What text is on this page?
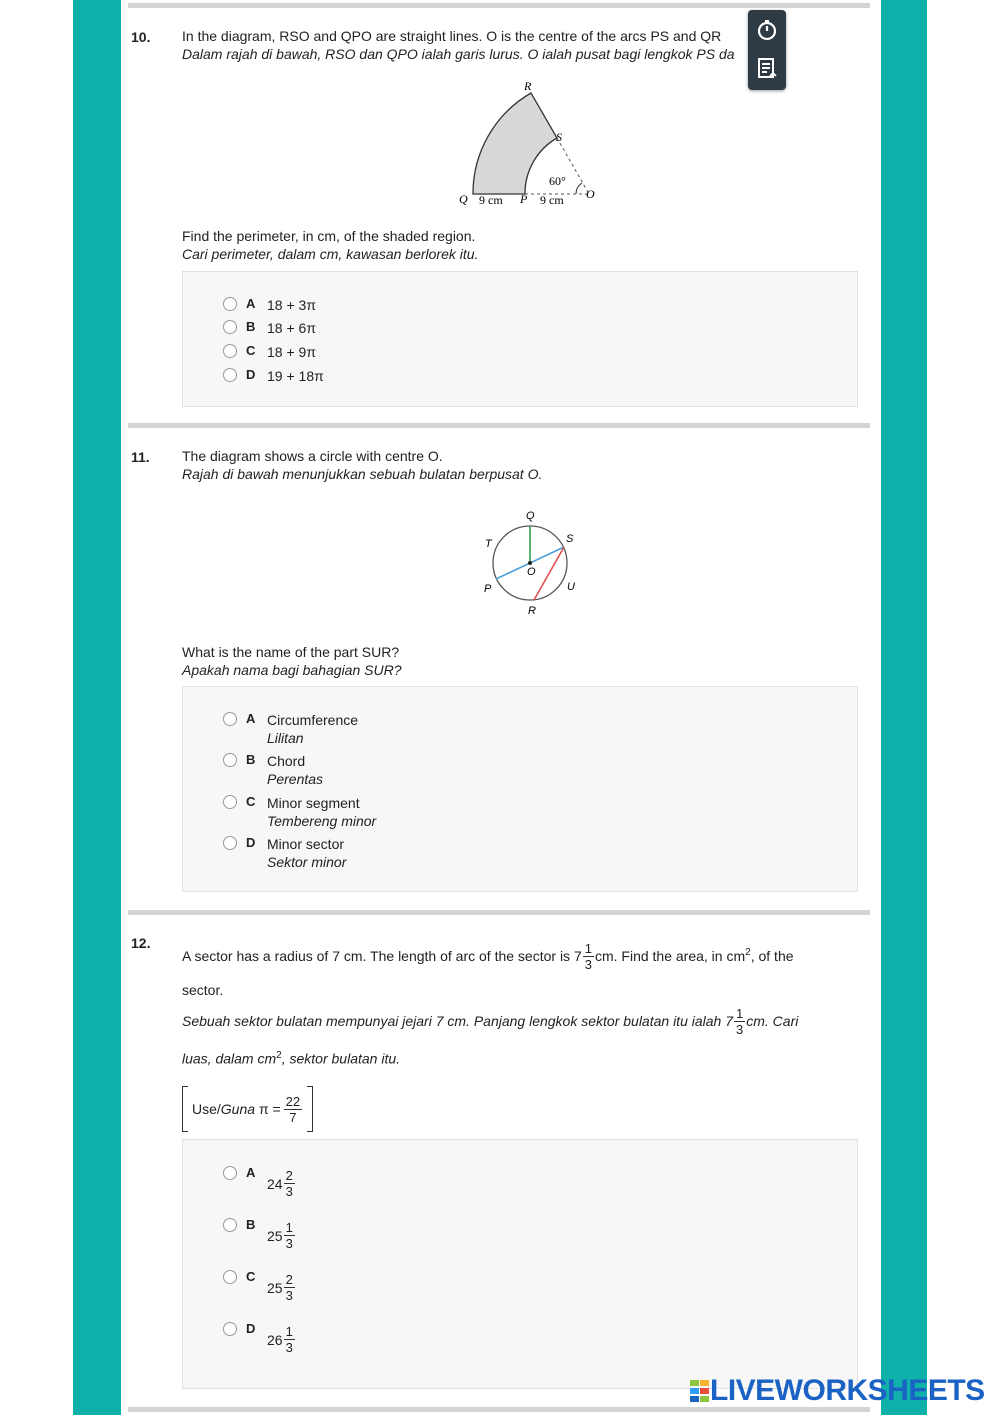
10. In the diagram, RSO and QPO are straight lines. O is the centre of the arcs PS and QR
Dalam rajah di bawah, RSO dan QPO ialah garis lurus. O ialah pusat bagi lengkok PS da
R
S
60°
O
Q 9 cm P 9 cm
Find the perimeter, in cm, of the shaded region.
Cari perimeter, dalam cm, kawasan berlorek itu.
A 18 + 3π
B 18 + 6π
C 18 + 9π
D 19 + 18π
11. The diagram shows a circle with centre O.
Rajah di bawah menunjukkan sebuah bulatan berpusat O.
Q
T	S
O
P	U
R
What is the name of the part SUR?
Apakah nama bagi bahagian SUR?
A Circumference
Lilitan
B Chord
Perentas
C Minor segment
Tembereng minor
D Minor sector
Sektor minor
12.
A sector has a radius of 7 cm. The length of arc of the sector is $7 \frac{1}{3}$ cm. Find the area, in $cm^2$ , of the
sector.
Sebuah sektor bulatan mempunyai jejari 7 cm. Panjang lengkok sektor bulatan itu ialah $7 \frac{1}{3}$ cm. Cari
luas, dalam $cm^2$, sektor bulatan itu.
Use/ Guna
$\pi = \frac{22}{7}$
A
$24 \frac{2}{3}$
B
$25 \frac{1}{3}$
C
$25 \frac{2}{3}$
D
$26 \frac{1}{3}$
LIVEWORKSHEETS
